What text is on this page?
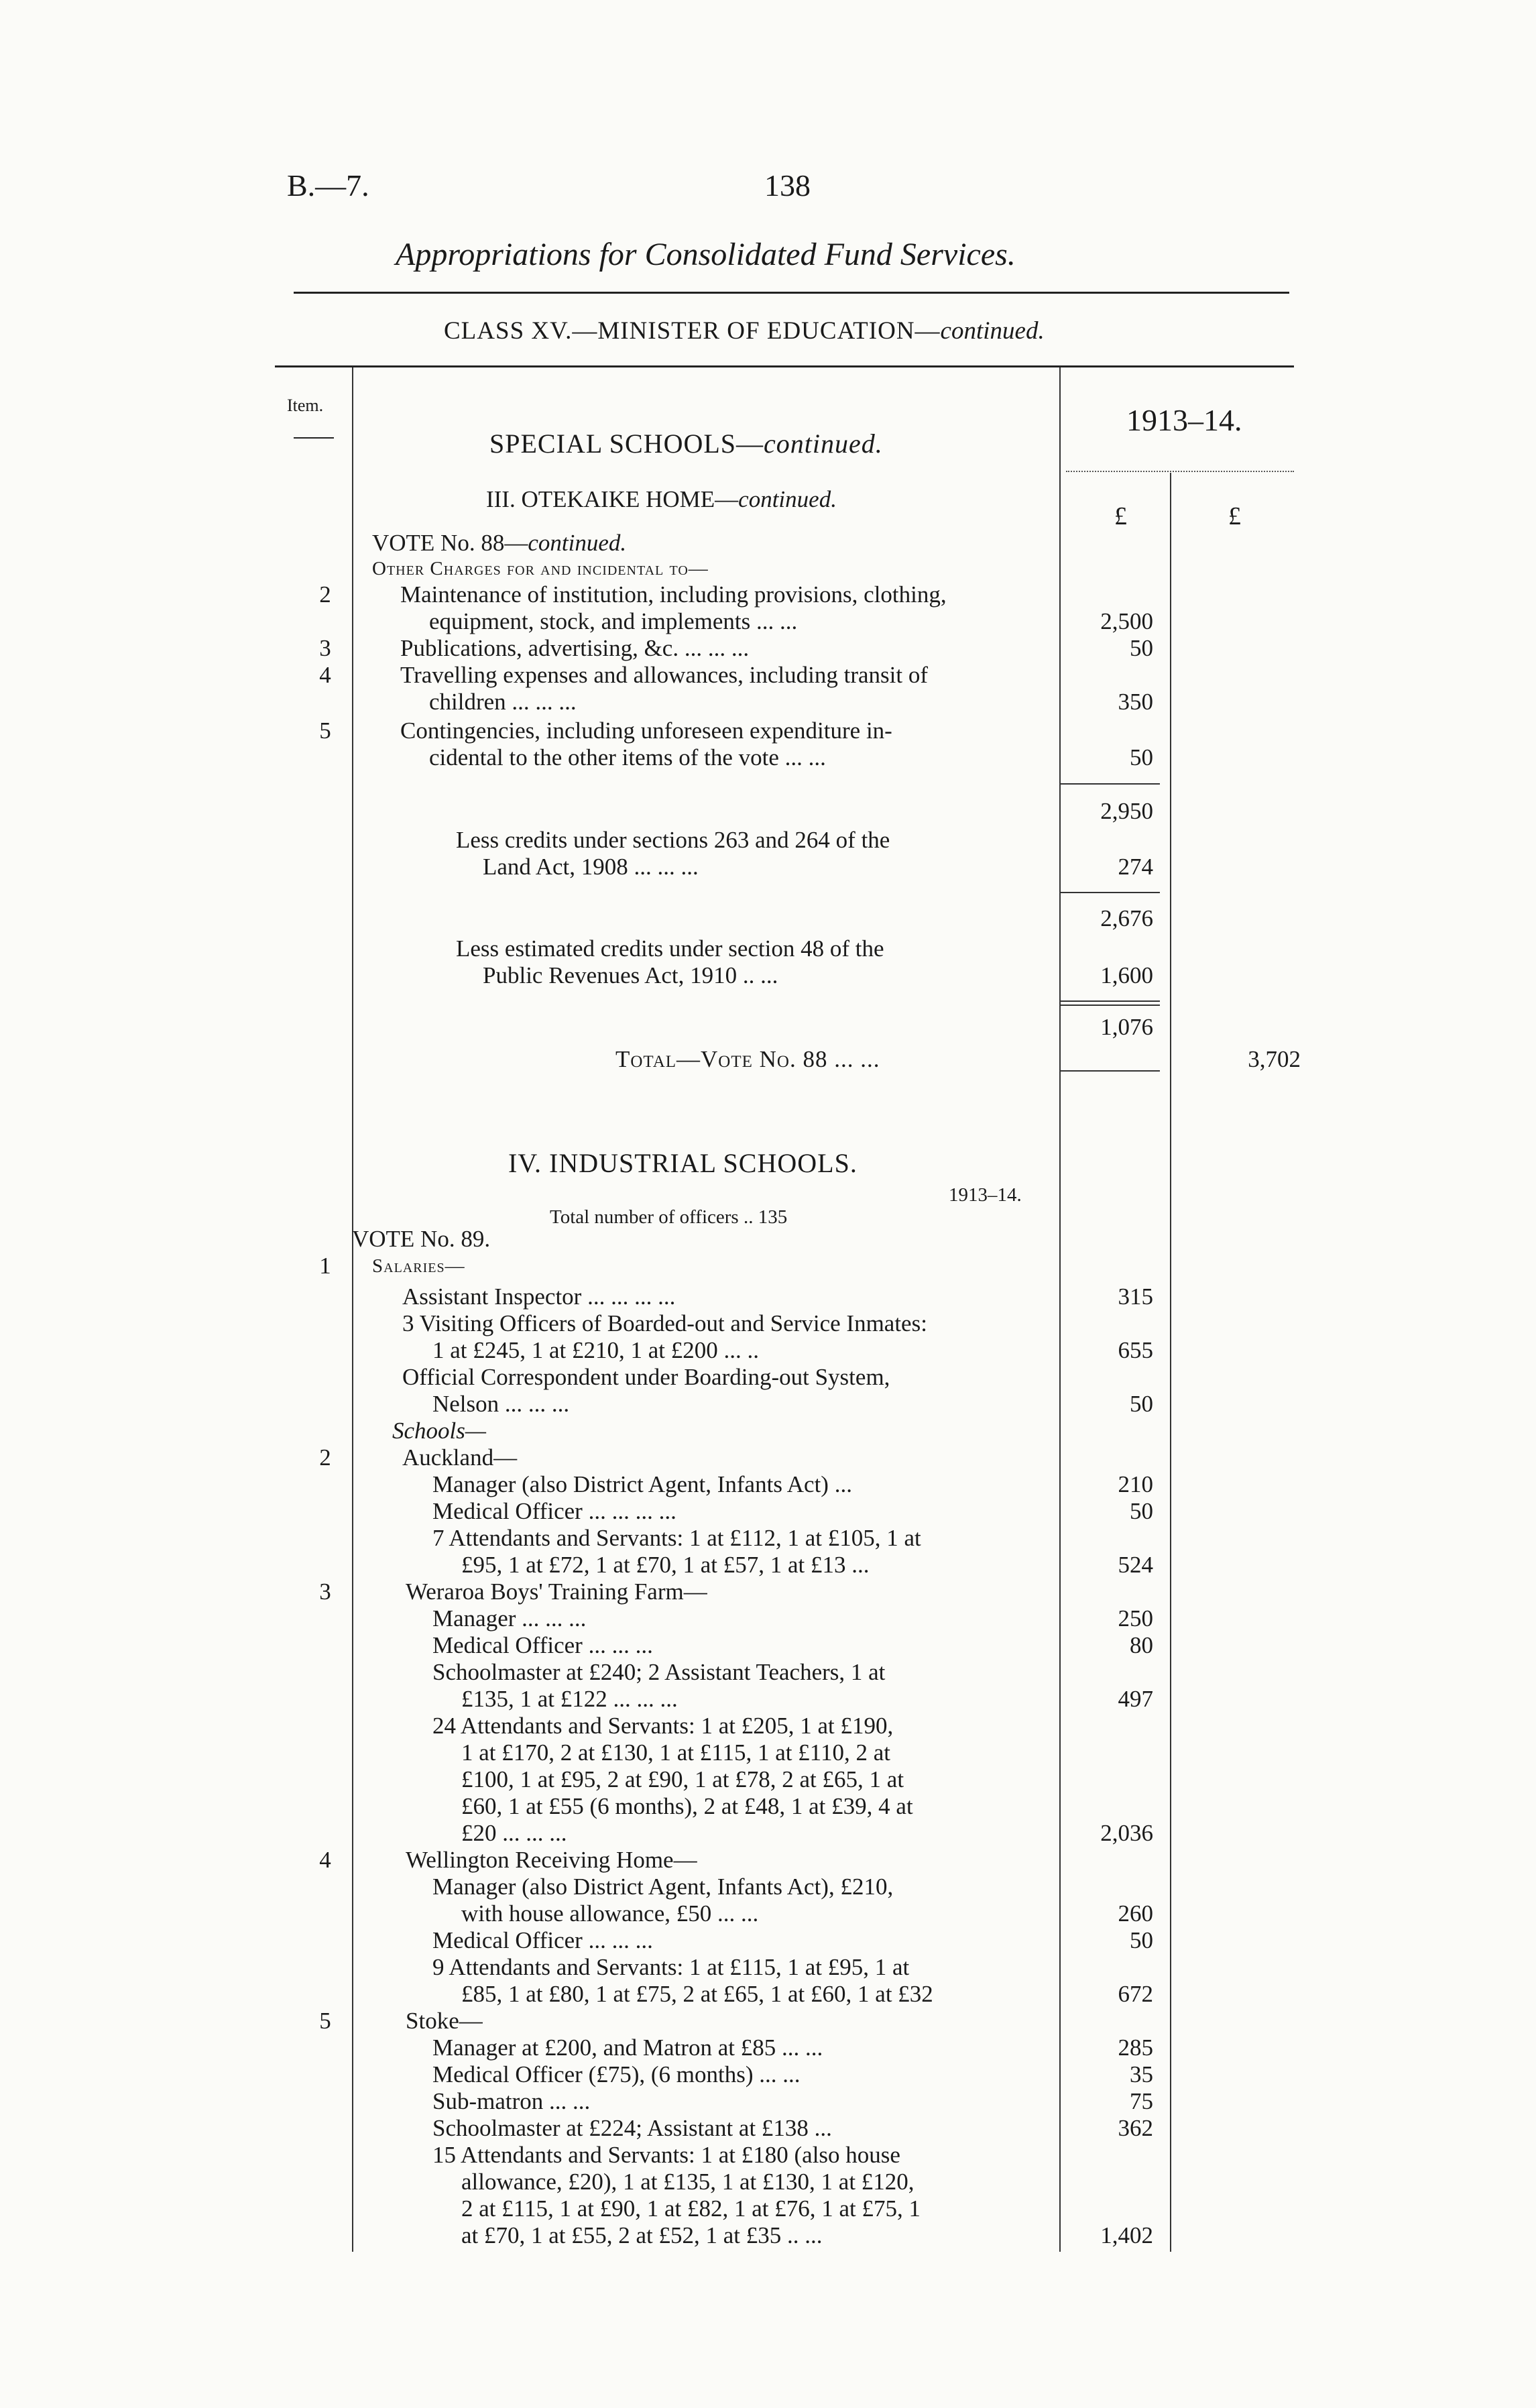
B.—7.	138
Appropriations for Consolidated Fund Services.
CLASS XV.—MINISTER OF EDUCATION—continued.
Item.	1913–14.
£	£
SPECIAL SCHOOLS—continued.
III. OTEKAIKE HOME—continued.
VOTE No. 88—continued.
Other Charges for and incidental to—
2	Maintenance of institution, including provisions, clothing,
equipment, stock, and implements ... ...	2,500
3	Publications, advertising, &c. ... ... ...	50
4	Travelling expenses and allowances, including transit of
children ... ... ...	350
5	Contingencies, including unforeseen expenditure in-
cidental to the other items of the vote ... ...	50
2,950
Less credits under sections 263 and 264 of the
Land Act, 1908 ... ... ...	274
2,676
Less estimated credits under section 48 of the
Public Revenues Act, 1910 .. ...	1,600
1,076
Total—Vote No. 88 ... ...	3,702
IV. INDUSTRIAL SCHOOLS.
1913–14.
Total number of officers .. 135
VOTE No. 89.
1	Salaries—
Assistant Inspector ... ... ... ...	315
3 Visiting Officers of Boarded-out and Service Inmates:
1 at £245, 1 at £210, 1 at £200 ... ..	655
Official Correspondent under Boarding-out System,
Nelson ... ... ...	50
Schools—
2	Auckland—
Manager (also District Agent, Infants Act) ...	210
Medical Officer ... ... ... ...	50
7 Attendants and Servants: 1 at £112, 1 at £105, 1 at
£95, 1 at £72, 1 at £70, 1 at £57, 1 at £13 ...	524
3	Weraroa Boys' Training Farm—
Manager ... ... ...	250
Medical Officer ... ... ...	80
Schoolmaster at £240; 2 Assistant Teachers, 1 at
£135, 1 at £122 ... ... ...	497
24 Attendants and Servants: 1 at £205, 1 at £190,
1 at £170, 2 at £130, 1 at £115, 1 at £110, 2 at
£100, 1 at £95, 2 at £90, 1 at £78, 2 at £65, 1 at
£60, 1 at £55 (6 months), 2 at £48, 1 at £39, 4 at
£20 ... ... ...	2,036
4	Wellington Receiving Home—
Manager (also District Agent, Infants Act), £210,
with house allowance, £50 ... ...	260
Medical Officer ... ... ...	50
9 Attendants and Servants: 1 at £115, 1 at £95, 1 at
£85, 1 at £80, 1 at £75, 2 at £65, 1 at £60, 1 at £32	672
5	Stoke—
Manager at £200, and Matron at £85 ... ...	285
Medical Officer (£75), (6 months) ... ...	35
Sub-matron ... ...	75
Schoolmaster at £224; Assistant at £138 ...	362
15 Attendants and Servants: 1 at £180 (also house
allowance, £20), 1 at £135, 1 at £130, 1 at £120,
2 at £115, 1 at £90, 1 at £82, 1 at £76, 1 at £75, 1
at £70, 1 at £55, 2 at £52, 1 at £35 .. ...	1,402
